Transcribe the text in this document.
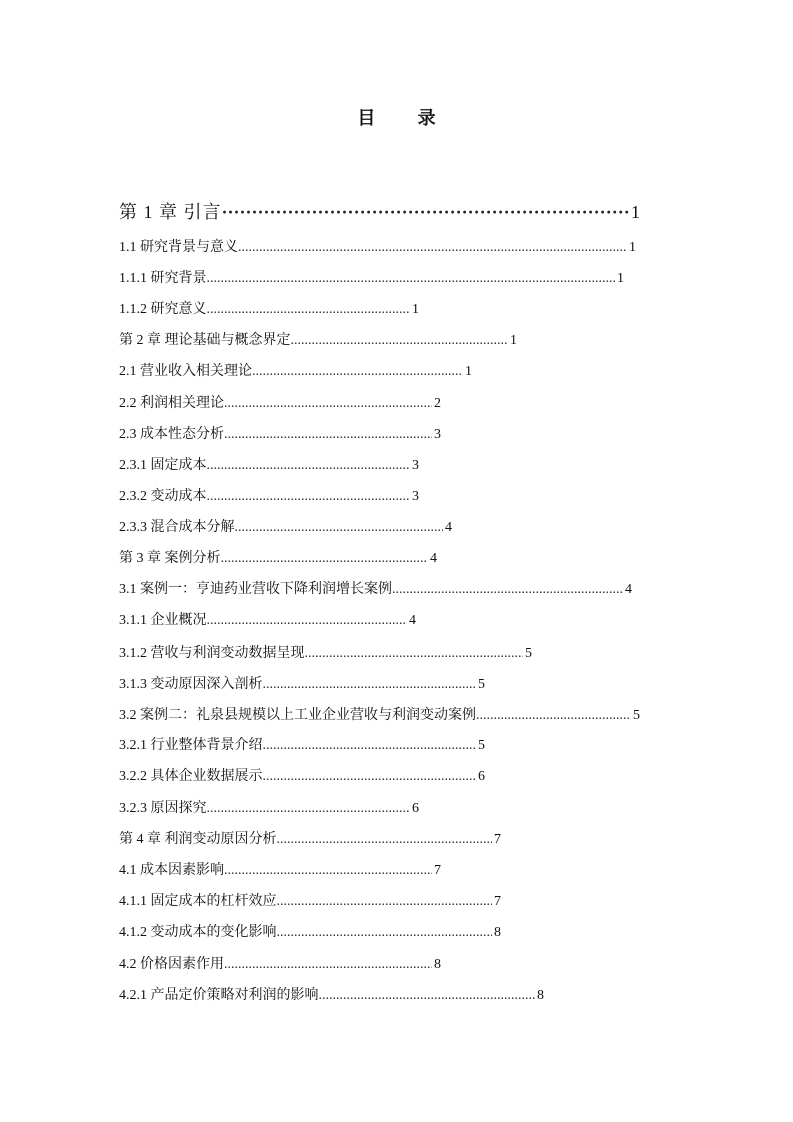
目 录
第 1 章 引言 ·····	1
1.1 研究背景与意义 .....	1
1.1.1 研究背景 .....	1
1.1.2 研究意义 .....	1
第 2 章 理论基础与概念界定 .....	1
2.1 营业收入相关理论 .....	1
2.2 利润相关理论 .....	2
2.3 成本性态分析 .....	3
2.3.1 固定成本 .....	3
2.3.2 变动成本 .....	3
2.3.3 混合成本分解 .....	4
第 3 章 案例分析 .....	4
3.1 案例一：亨迪药业营收下降利润增长案例 .....	4
3.1.1 企业概况 .....	4
3.1.2 营收与利润变动数据呈现 .....	5
3.1.3 变动原因深入剖析 .....	5
3.2 案例二：礼泉县规模以上工业企业营收与利润变动案例 .....	5
3.2.1 行业整体背景介绍 .....	5
3.2.2 具体企业数据展示 .....	6
3.2.3 原因探究 .....	6
第 4 章 利润变动原因分析 .....	7
4.1 成本因素影响 .....	7
4.1.1 固定成本的杠杆效应 .....	7
4.1.2 变动成本的变化影响 .....	8
4.2 价格因素作用 .....	8
4.2.1 产品定价策略对利润的影响 .....	8
